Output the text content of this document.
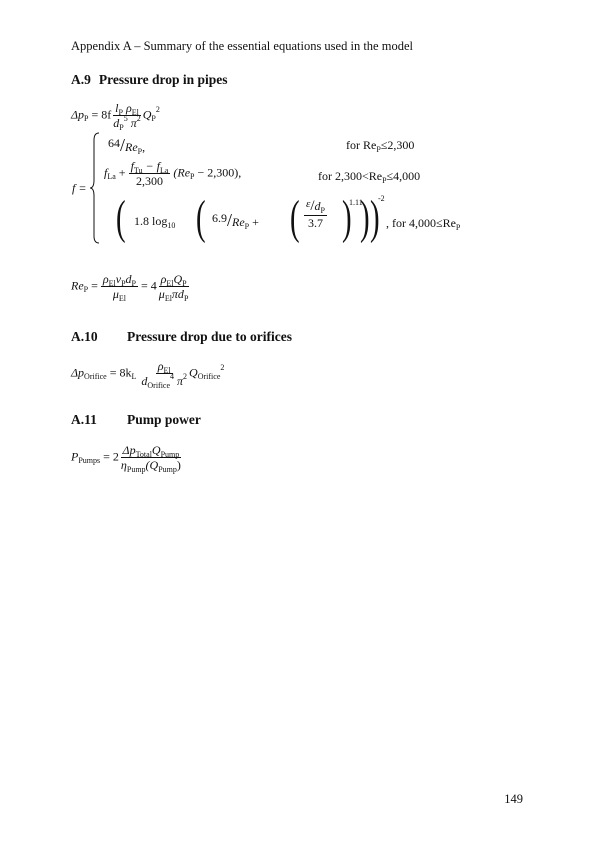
Appendix A – Summary of the essential equations used in the model
A.9 Pressure drop in pipes
$\Delta p_P = 8f \frac{l_P \rho_{El}}{d_P^5 \pi^2} Q_P^2$
f =
$64/Re_P$,	for $Re_P\le 2,300$
$f_{La} + \frac{f_{Tu} - f_{La}}{2,300} (Re_P - 2,300)$,	for $2,300<Re_P\le 4,000$
( 1.8 $\log_{10}$ ( $6.9/Re_P$ + ( $\frac{\varepsilon/d_P}{3.7}$ )
1.11
) )
-2
, for $4,000\le Re_P$
$Re_P = \frac{\rho_{El}v_Pd_P}{\mu_{El}} = 4 \frac{\rho_{El}Q_P}{\mu_{El}\pi d_P}$
A.10 Pressure drop due to orifices
$\Delta p_{Orifice} = 8k_L \frac{\rho_{El}}{d_{Orifice}^4 \pi^2} Q_{Orifice}^2$
A.11 Pump power
$P_{Pumps} = 2 \frac{\Delta p_{Total}Q_{Pump}}{\eta_{Pump}(Q_{Pump})}$
149
